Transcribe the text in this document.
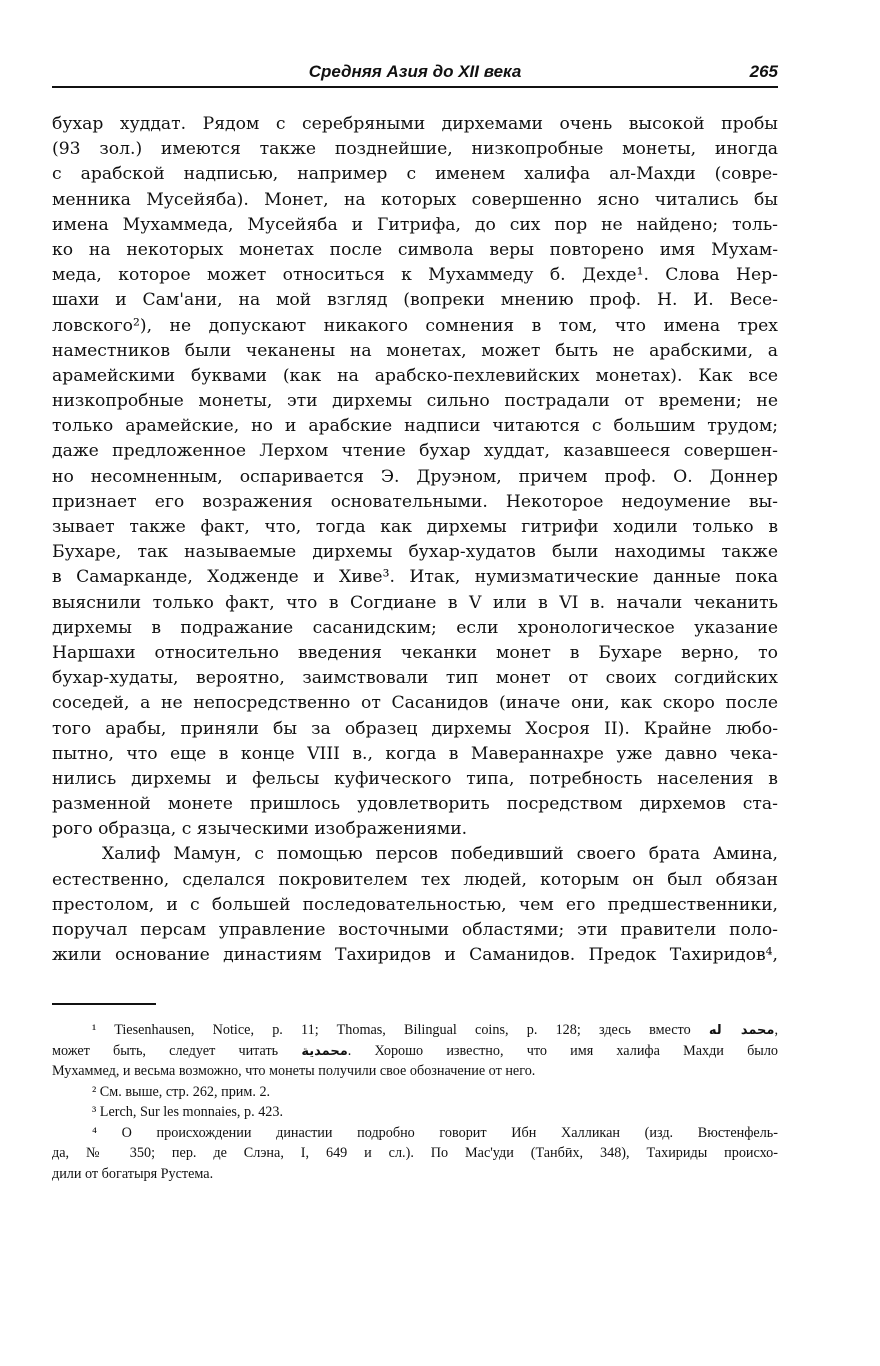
Средняя Азия до XII века	265
бухар худдат. Рядом с серебряными дирхемами очень высокой пробы
(93 зол.) имеются также позднейшие, низкопробные монеты, иногда
с арабской надписью, например с именем халифа ал-Махди (совре-
менника Мусейяба). Монет, на которых совершенно ясно читались бы
имена Мухаммеда, Мусейяба и Гитрифа, до сих пор не найдено; толь-
ко на некоторых монетах после символа веры повторено имя Мухам-
меда, которое может относиться к Мухаммеду б. Дехде¹. Слова Нер-
шахи и Сам'ани, на мой взгляд (вопреки мнению проф. Н. И. Весе-
ловского²), не допускают никакого сомнения в том, что имена трех
наместников были чеканены на монетах, может быть не арабскими, а
арамейскими буквами (как на арабско-пехлевийских монетах). Как все
низкопробные монеты, эти дирхемы сильно пострадали от времени; не
только арамейские, но и арабские надписи читаются с большим трудом;
даже предложенное Лерхом чтение бухар худдат, казавшееся совершен-
но несомненным, оспаривается Э. Друэном, причем проф. О. Доннер
признает его возражения основательными. Некоторое недоумение вы-
зывает также факт, что, тогда как дирхемы гитрифи ходили только в
Бухаре, так называемые дирхемы бухар-худатов были находимы также
в Самарканде, Ходженде и Хиве³. Итак, нумизматические данные пока
выяснили только факт, что в Согдиане в V или в VI в. начали чеканить
дирхемы в подражание сасанидским; если хронологическое указание
Наршахи относительно введения чеканки монет в Бухаре верно, то
бухар-худаты, вероятно, заимствовали тип монет от своих согдийских
соседей, а не непосредственно от Сасанидов (иначе они, как скоро после
того арабы, приняли бы за образец дирхемы Хосроя II). Крайне любо-
пытно, что еще в конце VIII в., когда в Мавераннахре уже давно чека-
нились дирхемы и фельсы куфического типа, потребность населения в
разменной монете пришлось удовлетворить посредством дирхемов ста-
рого образца, с языческими изображениями.
Халиф Мамун, с помощью персов победивший своего брата Амина,
естественно, сделался покровителем тех людей, которым он был обязан
престолом, и с большей последовательностью, чем его предшественники,
поручал персам управление восточными областями; эти правители поло-
жили основание династиям Тахиридов и Саманидов. Предок Тахиридов⁴,
¹ Tiesenhausen, Notice, p. 11; Thomas, Bilingual coins, p. 128; здесь вместо محمد له,
может быть, следует читать محمدية. Хорошо известно, что имя халифа Махди было
Мухаммед, и весьма возможно, что монеты получили свое обозначение от него.
² См. выше, стр. 262, прим. 2.
³ Lerch, Sur les monnaies, p. 423.
⁴ О происхождении династии подробно говорит Ибн Халликан (изд. Вюстенфель-
да, № 350; пер. де Слэна, I, 649 и сл.). По Мас'уди (Танбӣх, 348), Тахириды происхо-
дили от богатыря Рустема.
